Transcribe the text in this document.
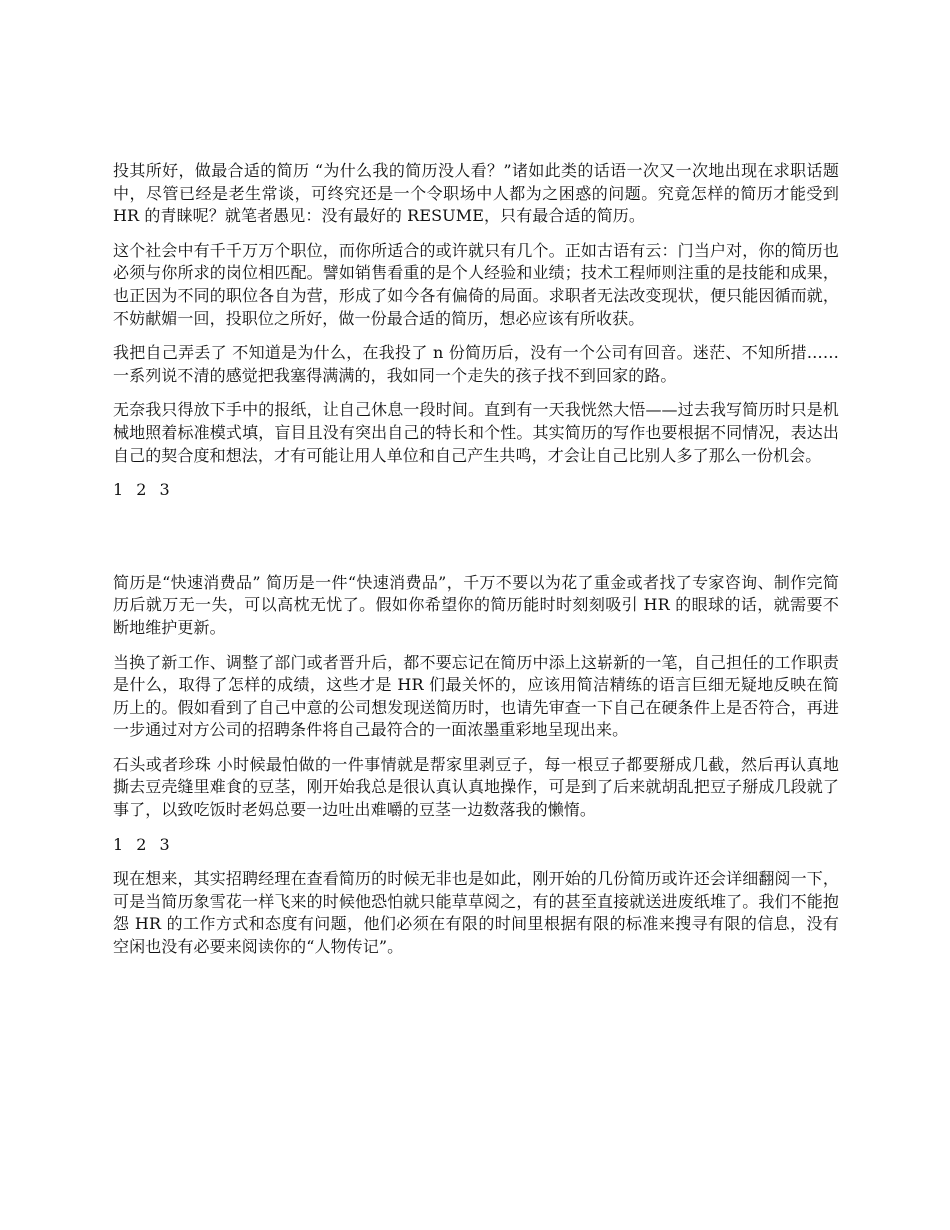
投其所好，做最合适的简历 “为什么我的简历没人看？”诸如此类的话语一次又一次地出现在求职话题中，尽管已经是老生常谈，可终究还是一个令职场中人都为之困惑的问题。究竟怎样的简历才能受到 HR 的青睐呢？就笔者愚见：没有最好的 RESUME，只有最合适的简历。

这个社会中有千千万万个职位，而你所适合的或许就只有几个。正如古语有云：门当户对，你的简历也必须与你所求的岗位相匹配。譬如销售看重的是个人经验和业绩；技术工程师则注重的是技能和成果，也正因为不同的职位各自为营，形成了如今各有偏倚的局面。求职者无法改变现状，便只能因循而就，不妨献媚一回，投职位之所好，做一份最合适的简历，想必应该有所收获。

我把自己弄丢了 不知道是为什么，在我投了 n 份简历后，没有一个公司有回音。迷茫、不知所措……一系列说不清的感觉把我塞得满满的，我如同一个走失的孩子找不到回家的路。

无奈我只得放下手中的报纸，让自己休息一段时间。直到有一天我恍然大悟——过去我写简历时只是机械地照着标准模式填，盲目且没有突出自己的特长和个性。其实简历的写作也要根据不同情况，表达出自己的契合度和想法，才有可能让用人单位和自己产生共鸣，才会让自己比别人多了那么一份机会。

1 2 3

简历是“快速消费品” 简历是一件“快速消费品”，千万不要以为花了重金或者找了专家咨询、制作完简历后就万无一失，可以高枕无忧了。假如你希望你的简历能时时刻刻吸引 HR 的眼球的话，就需要不断地维护更新。

当换了新工作、调整了部门或者晋升后，都不要忘记在简历中添上这崭新的一笔，自己担任的工作职责是什么，取得了怎样的成绩，这些才是 HR 们最关怀的，应该用简洁精练的语言巨细无疑地反映在简历上的。假如看到了自己中意的公司想发现送简历时，也请先审查一下自己在硬条件上是否符合，再进一步通过对方公司的招聘条件将自己最符合的一面浓墨重彩地呈现出来。

石头或者珍珠 小时候最怕做的一件事情就是帮家里剥豆子，每一根豆子都要掰成几截，然后再认真地撕去豆壳缝里难食的豆茎，刚开始我总是很认真认真地操作，可是到了后来就胡乱把豆子掰成几段就了事了，以致吃饭时老妈总要一边吐出难嚼的豆茎一边数落我的懒惰。

1 2 3

现在想来，其实招聘经理在查看简历的时候无非也是如此，刚开始的几份简历或许还会详细翻阅一下，可是当简历象雪花一样飞来的时候他恐怕就只能草草阅之，有的甚至直接就送进废纸堆了。我们不能抱怨 HR 的工作方式和态度有问题，他们必须在有限的时间里根据有限的标准来搜寻有限的信息，没有空闲也没有必要来阅读你的“人物传记”。
